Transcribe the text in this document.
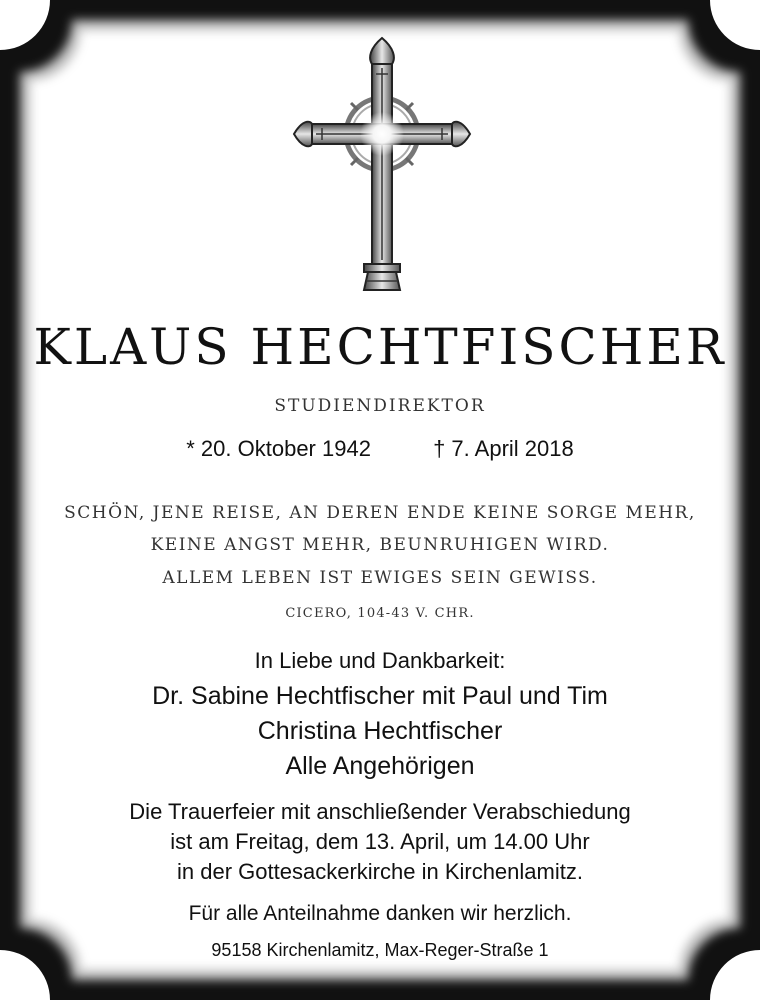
KLAUS HECHTFISCHER
STUDIENDIREKTOR
* 20. Oktober 1942	† 7. April 2018
SCHÖN, JENE REISE, AN DEREN ENDE KEINE SORGE MEHR,
KEINE ANGST MEHR, BEUNRUHIGEN WIRD.
ALLEM LEBEN IST EWIGES SEIN GEWISS.
CICERO, 104-43 V. CHR.
In Liebe und Dankbarkeit:
Dr. Sabine Hechtfischer mit Paul und Tim
Christina Hechtfischer
Alle Angehörigen
Die Trauerfeier mit anschließender Verabschiedung
ist am Freitag, dem 13. April, um 14.00 Uhr
in der Gottesackerkirche in Kirchenlamitz.
Für alle Anteilnahme danken wir herzlich.
95158 Kirchenlamitz, Max-Reger-Straße 1
